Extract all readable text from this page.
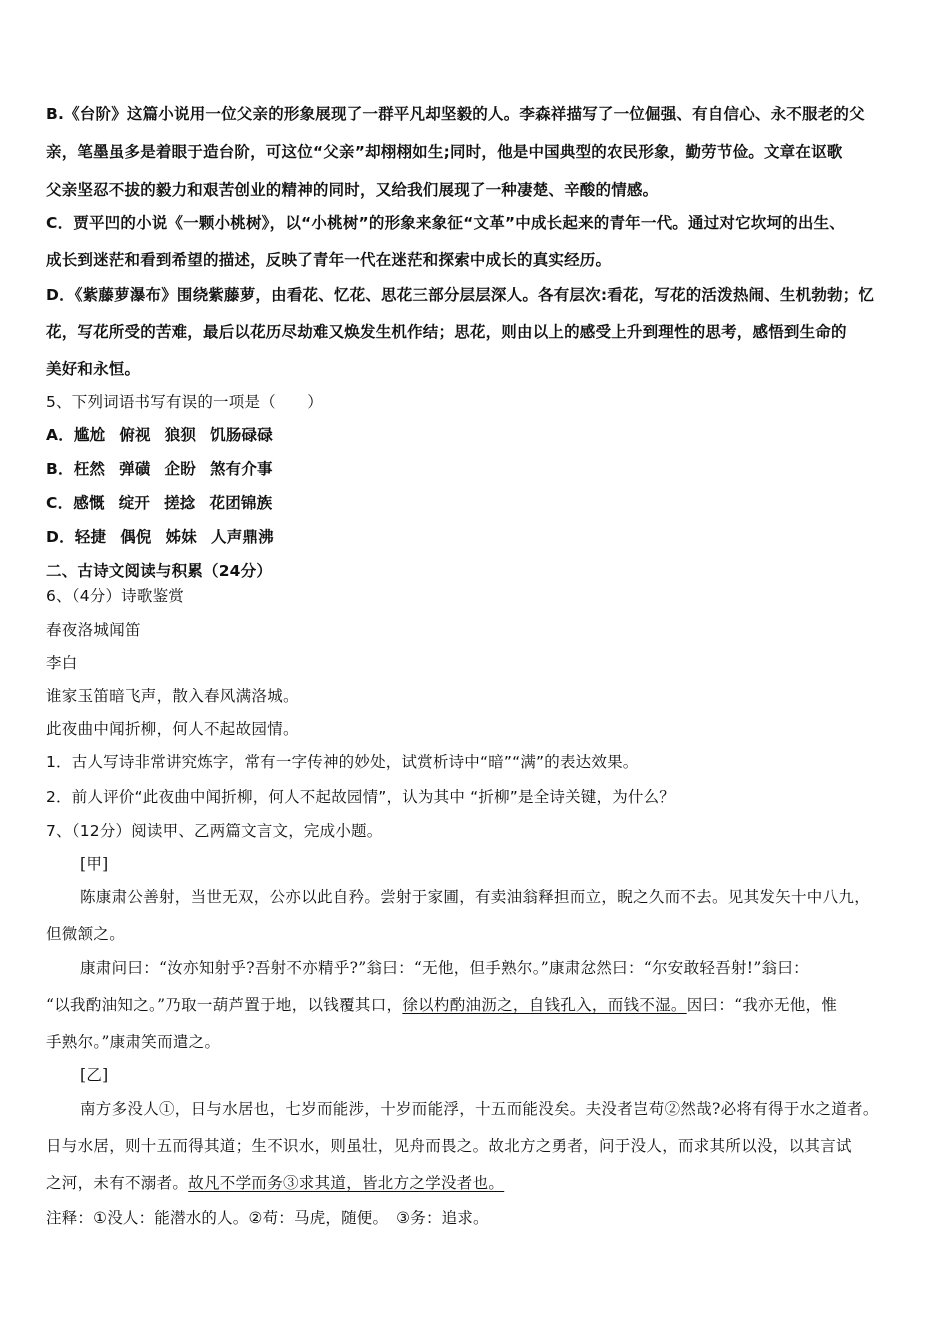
B.《台阶》这篇小说用一位父亲的形象展现了一群平凡却坚毅的人。李森祥描写了一位倔强、有自信心、永不服老的父
亲，笔墨虽多是着眼于造台阶，可这位“父亲”却栩栩如生;同时，他是中国典型的农民形象，勤劳节俭。文章在讴歌
父亲坚忍不拔的毅力和艰苦创业的精神的同时，又给我们展现了一种凄楚、辛酸的情感。
C．贾平凹的小说《一颗小桃树》，以“小桃树”的形象来象征“文革”中成长起来的青年一代。通过对它坎坷的出生、
成长到迷茫和看到希望的描述，反映了青年一代在迷茫和探索中成长的真实经历。
D．《紫藤萝瀑布》围绕紫藤萝，由看花、忆花、思花三部分层层深人。各有层次:看花，写花的活泼热闹、生机勃勃；忆
花，写花所受的苦难，最后以花历尽劫难又焕发生机作结；思花，则由以上的感受上升到理性的思考，感悟到生命的
美好和永恒。
5、下列词语书写有误的一项是（　　）
A．尴尬 俯视 狼狈 饥肠碌碌
B．枉然 弹磺 企盼 煞有介事
C．感慨 绽开 搓捻 花团锦族
D．轻捷 偶倪 姊妹 人声鼎沸
二、古诗文阅读与积累（24分）
6、（4分）诗歌鉴赏
春夜洛城闻笛
李白
谁家玉笛暗飞声，散入春风满洛城。
此夜曲中闻折柳，何人不起故园情。
1．古人写诗非常讲究炼字，常有一字传神的妙处，试赏析诗中“暗”“满”的表达效果。
2．前人评价“此夜曲中闻折柳，何人不起故园情”，认为其中 “折柳”是全诗关键，为什么？
7、（12分）阅读甲、乙两篇文言文，完成小题。
[甲]
陈康肃公善射，当世无双，公亦以此自矜。尝射于家圃，有卖油翁释担而立，睨之久而不去。见其发矢十中八九，
但微颔之。
康肃问曰：“汝亦知射乎?吾射不亦精乎?”翁曰：“无他，但手熟尔。”康肃忿然曰：“尔安敢轻吾射!”翁曰：
“以我酌油知之。”乃取一葫芦置于地，以钱覆其口，徐以杓酌油沥之，自钱孔入，而钱不湿。因曰：“我亦无他，惟
手熟尔。”康肃笑而遣之。
[乙]
南方多没人①，日与水居也，七岁而能涉，十岁而能浮，十五而能没矣。夫没者岂苟②然哉?必将有得于水之道者。
日与水居，则十五而得其道；生不识水，则虽壮，见舟而畏之。故北方之勇者，问于没人，而求其所以没，以其言试
之河，未有不溺者。故凡不学而务③求其道，皆北方之学没者也。
注释：①没人：能潜水的人。②苟：马虎，随便。　③务：追求。
